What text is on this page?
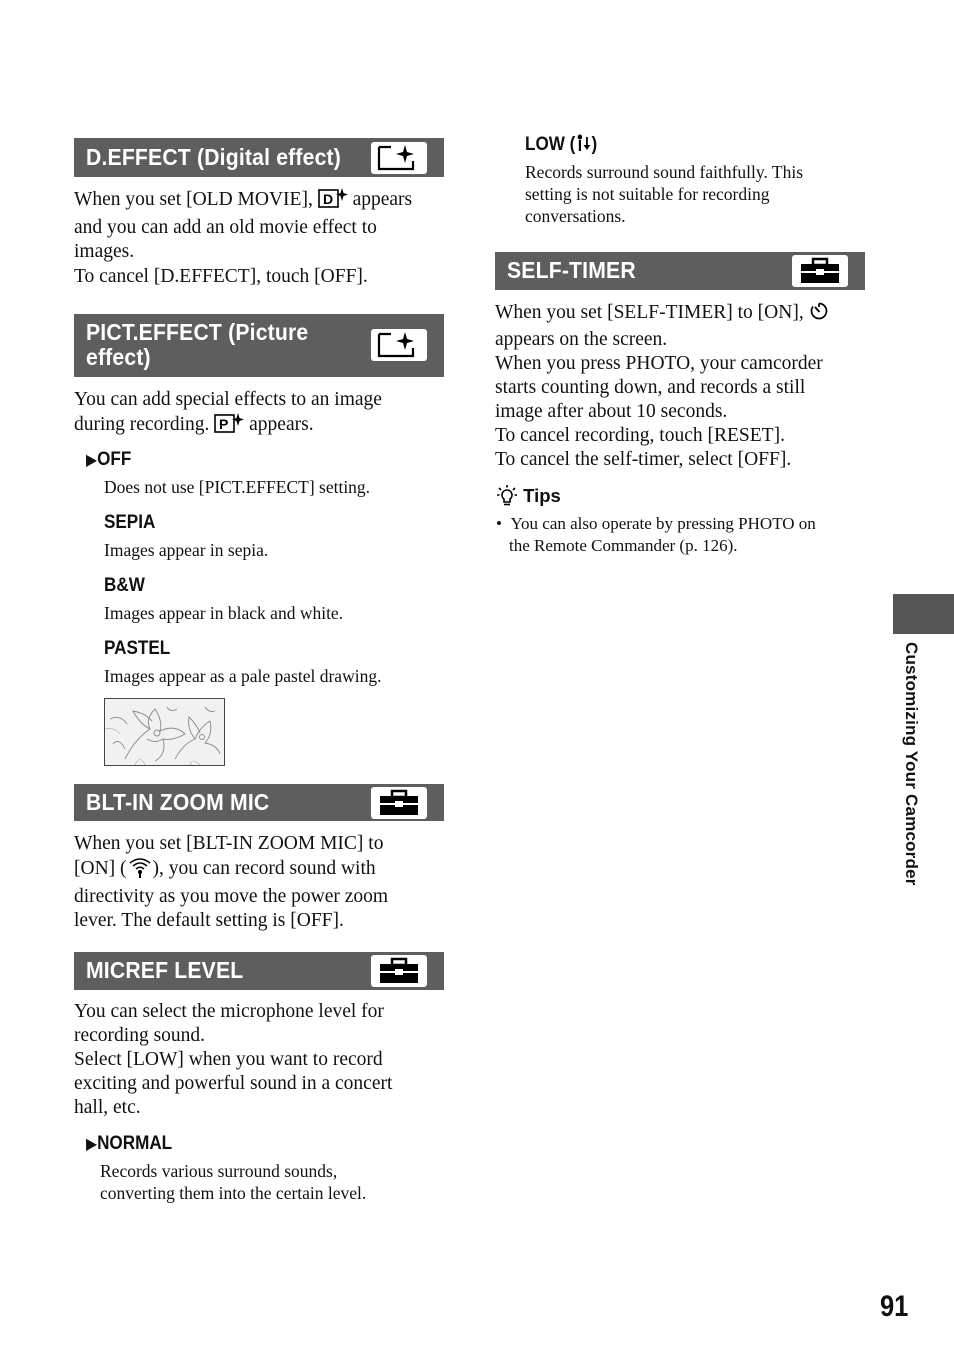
D.EFFECT (Digital effect)

When you set [OLD MOVIE], D appears
and you can add an old movie effect to
images.

To cancel [D.EFFECT], touch [OFF].

PICT.EFFECT (Picture
effect)

You can add special effects to an image
during recording. P appears.

▶OFF

Does not use [PICT.EFFECT] setting.

SEPIA

Images appear in sepia.

B&W

Images appear in black and white.

PASTEL

Images appear as a pale pastel drawing.

BLT-IN ZOOM MIC

When you set [BLT-IN ZOOM MIC] to
[ON] ( ), you can record sound with
directivity as you move the power zoom
lever. The default setting is [OFF].

MICREF LEVEL

You can select the microphone level for
recording sound.
Select [LOW] when you want to record
exciting and powerful sound in a concert
hall, etc.

▶NORMAL

Records various surround sounds,
converting them into the certain level.

LOW ( )

Records surround sound faithfully. This
setting is not suitable for recording
conversations.

SELF-TIMER

When you set [SELF-TIMER] to [ON],
appears on the screen.
When you press PHOTO, your camcorder
starts counting down, and records a still
image after about 10 seconds.
To cancel recording, touch [RESET].
To cancel the self-timer, select [OFF].

Tips

• You can also operate by pressing PHOTO on
the Remote Commander (p. 126).

Customizing Your Camcorder
91
